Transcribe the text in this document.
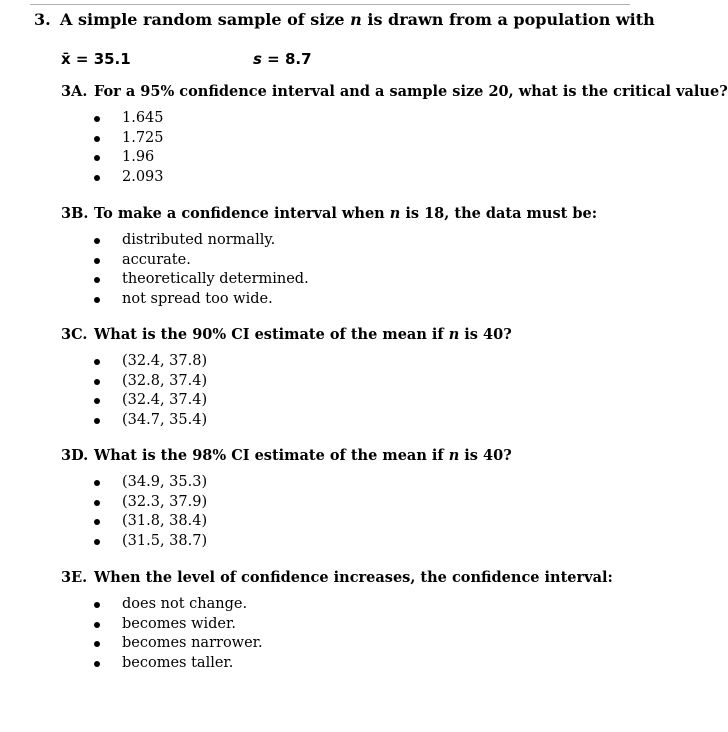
3. A simple random sample of size n is drawn from a population with
x̄ = 35.1	s = 8.7
3A. For a 95% confidence interval and a sample size 20, what is the critical value?
1.645
1.725
1.96
2.093
3B. To make a confidence interval when n is 18, the data must be:
distributed normally.
accurate.
theoretically determined.
not spread too wide.
3C. What is the 90% CI estimate of the mean if n is 40?
(32.4, 37.8)
(32.8, 37.4)
(32.4, 37.4)
(34.7, 35.4)
3D. What is the 98% CI estimate of the mean if n is 40?
(34.9, 35.3)
(32.3, 37.9)
(31.8, 38.4)
(31.5, 38.7)
3E. When the level of confidence increases, the confidence interval:
does not change.
becomes wider.
becomes narrower.
becomes taller.
